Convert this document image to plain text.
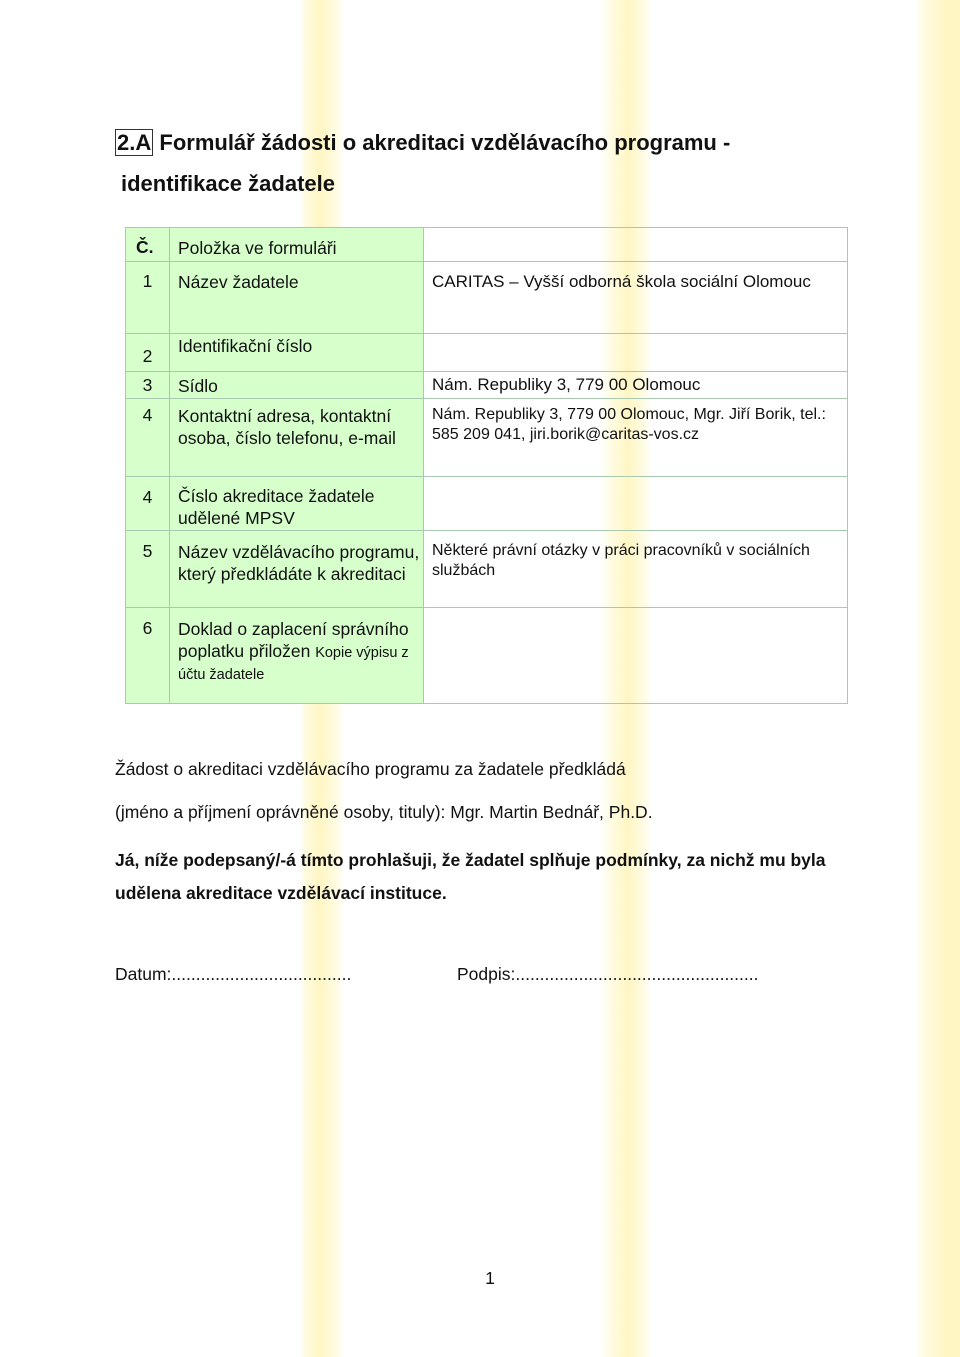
2.A Formulář žádosti o akreditaci vzdělávacího programu -
identifikace žadatele
Č.	Položka ve formuláři	

1	Název žadatele	CARITAS – Vyšší odborná škola sociální Olomouc

2	Identifikační číslo	

3	Sídlo	Nám. Republiky 3, 779 00 Olomouc

4	Kontaktní adresa, kontaktní osoba, číslo telefonu, e-mail	Nám. Republiky 3, 779 00 Olomouc, Mgr. Jiří Borik, tel.: 585 209 041, jiri.borik@caritas-vos.cz

4	Číslo akreditace žadatele udělené MPSV	

5	Název vzdělávacího programu, který předkládáte k akreditaci	Některé právní otázky v práci pracovníků v sociálních službách

6	Doklad o zaplacení správního poplatku přiložen Kopie výpisu z účtu žadatele	

Žádost o akreditaci vzdělávacího programu za žadatele předkládá
(jméno a příjmení oprávněné osoby, tituly): Mgr. Martin Bednář, Ph.D.
Já, níže podepsaný/-á tímto prohlašuji, že žadatel splňuje podmínky, za nichž mu byla udělena akreditace vzdělávací instituce.
Datum:.....................................	Podpis:..................................................
1
